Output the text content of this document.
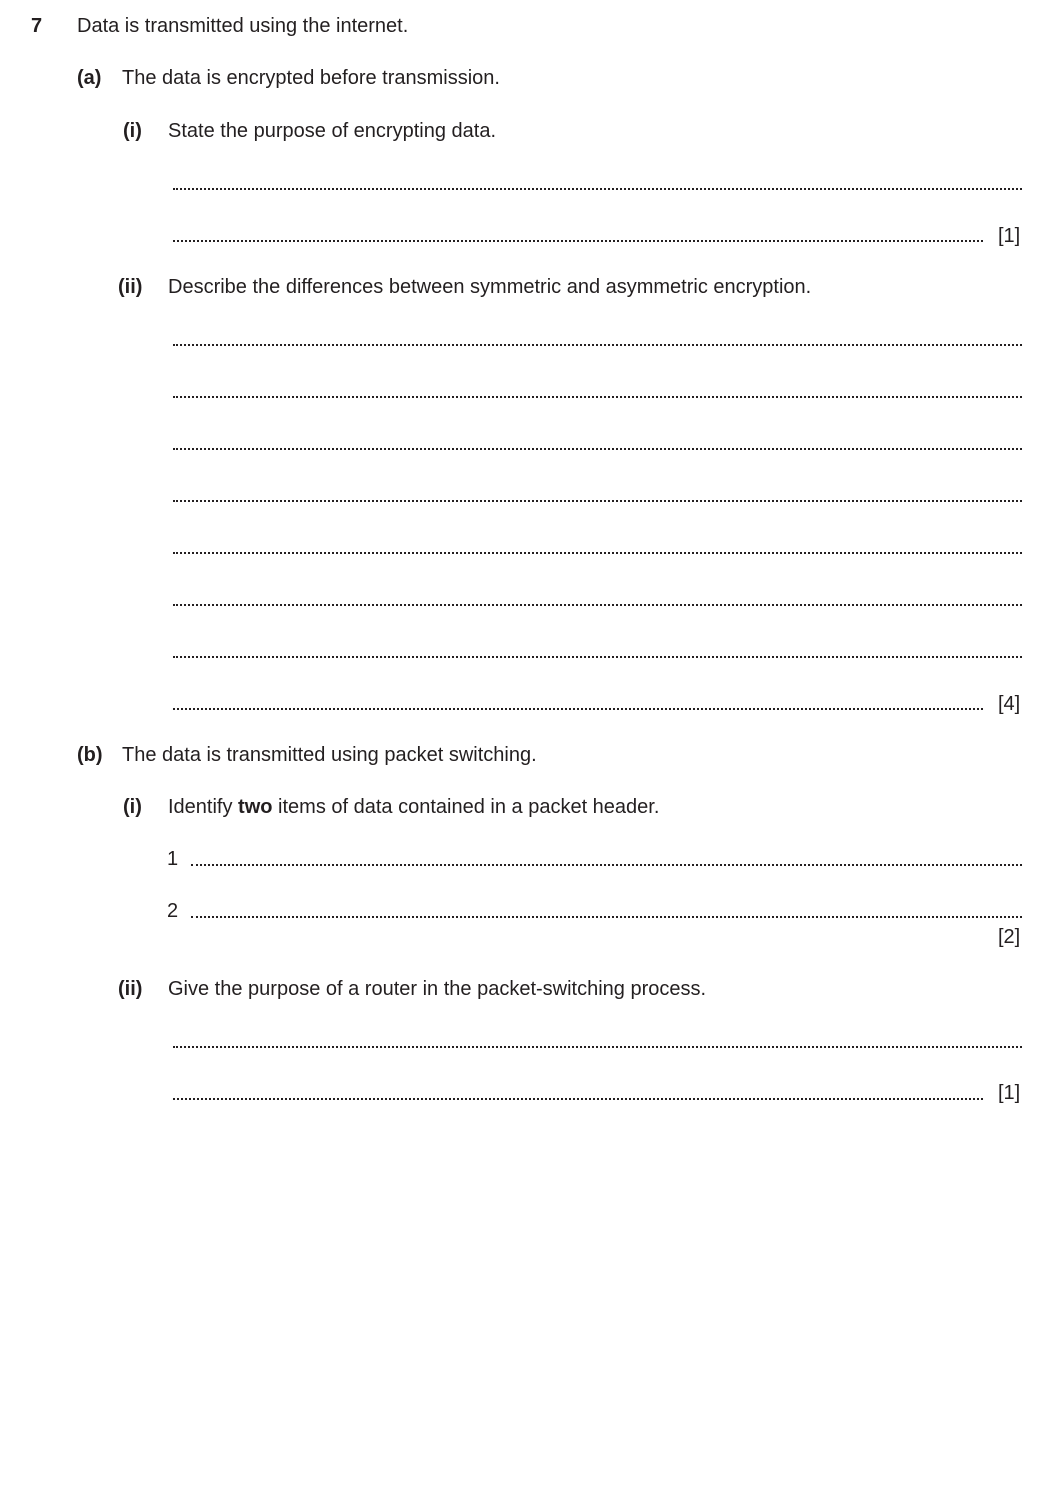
7 Data is transmitted using the internet.
(a) The data is encrypted before transmission.
(i) State the purpose of encrypting data.
[1]
(ii) Describe the differences between symmetric and asymmetric encryption.
[4]
(b) The data is transmitted using packet switching.
(i) Identify two items of data contained in a packet header.
1
2
[2]
(ii) Give the purpose of a router in the packet-switching process.
[1]
